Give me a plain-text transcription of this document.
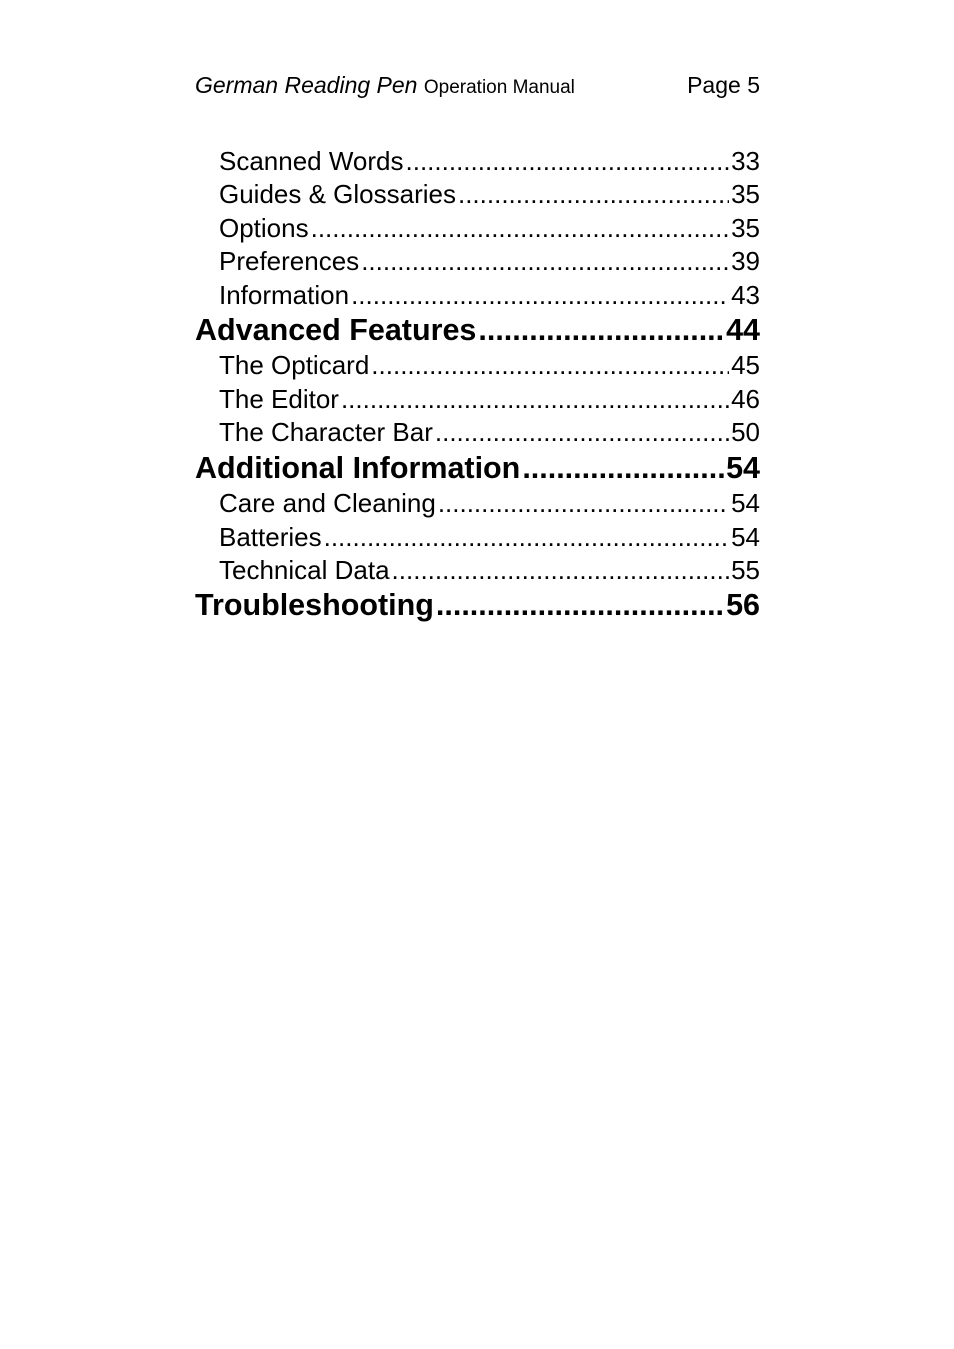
German Reading Pen Operation Manual	Page 5
Scanned Words .....	33
Guides & Glossaries .....	35
Options .....	35
Preferences .....	39
Information .....	43
Advanced Features .....	44
The Opticard .....	45
The Editor .....	46
The Character Bar .....	50
Additional Information .....	54
Care and Cleaning .....	54
Batteries .....	54
Technical Data .....	55
Troubleshooting .....	56
